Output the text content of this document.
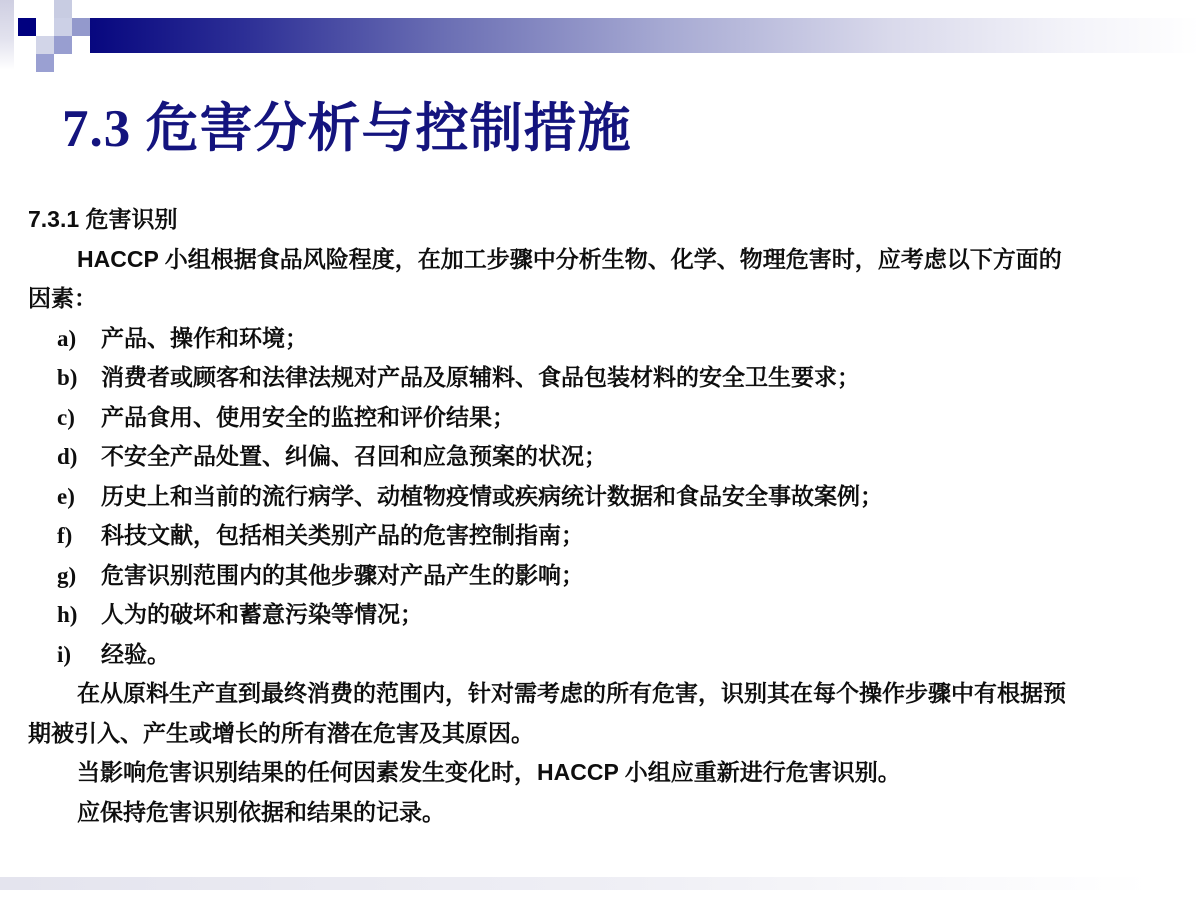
7.3 危害分析与控制措施
7.3.1 危害识别
HACCP 小组根据食品风险程度，在加工步骤中分析生物、化学、物理危害时，应考虑以下方面的
因素：
a) 产品、操作和环境；
b) 消费者或顾客和法律法规对产品及原辅料、食品包装材料的安全卫生要求；
c) 产品食用、使用安全的监控和评价结果；
d) 不安全产品处置、纠偏、召回和应急预案的状况；
e) 历史上和当前的流行病学、动植物疫情或疾病统计数据和食品安全事故案例；
f) 科技文献，包括相关类别产品的危害控制指南；
g) 危害识别范围内的其他步骤对产品产生的影响；
h) 人为的破坏和蓄意污染等情况；
i) 经验。
在从原料生产直到最终消费的范围内，针对需考虑的所有危害，识别其在每个操作步骤中有根据预
期被引入、产生或增长的所有潜在危害及其原因。
当影响危害识别结果的任何因素发生变化时，HACCP 小组应重新进行危害识别。
应保持危害识别依据和结果的记录。
